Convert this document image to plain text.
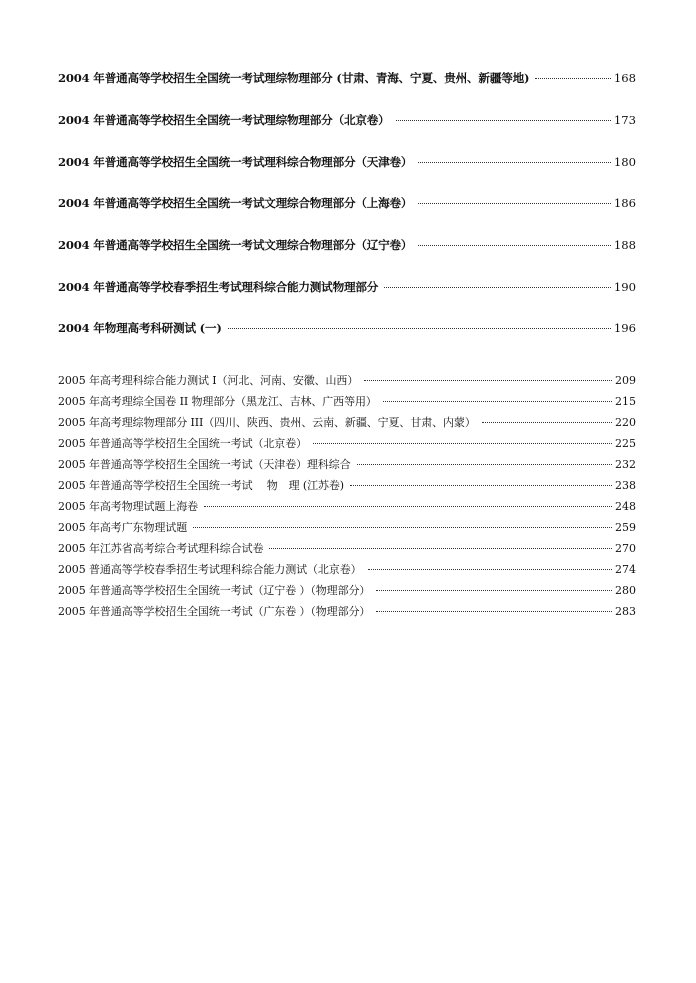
2004 年普通高等学校招生全国统一考试理综物理部分 (甘肃、青海、宁夏、贵州、新疆等地)	168
2004 年普通高等学校招生全国统一考试理综物理部分（北京卷）	173
2004 年普通高等学校招生全国统一考试理科综合物理部分（天津卷）	180
2004 年普通高等学校招生全国统一考试文理综合物理部分（上海卷）	186
2004 年普通高等学校招生全国统一考试文理综合物理部分（辽宁卷）	188
2004 年普通高等学校春季招生考试理科综合能力测试物理部分	190
2004 年物理高考科研测试 (一)	196
2005 年高考理科综合能力测试 I（河北、河南、安徽、山西）	209
2005 年高考理综全国卷 II 物理部分（黑龙江、吉林、广西等用）	215
2005 年高考理综物理部分 III（四川、陕西、贵州、云南、新疆、宁夏、甘肃、内蒙）	220
2005 年普通高等学校招生全国统一考试（北京卷）	225
2005 年普通高等学校招生全国统一考试（天津卷）理科综合	232
2005 年普通高等学校招生全国统一考试　 物　理 (江苏卷)	238
2005 年高考物理试题上海卷	248
2005 年高考广东物理试题	259
2005 年江苏省高考综合考试理科综合试卷	270
2005 普通高等学校春季招生考试理科综合能力测试（北京卷）	274
2005 年普通高等学校招生全国统一考试（辽宁卷 ）（物理部分）	280
2005 年普通高等学校招生全国统一考试（广东卷 ）（物理部分）	283
